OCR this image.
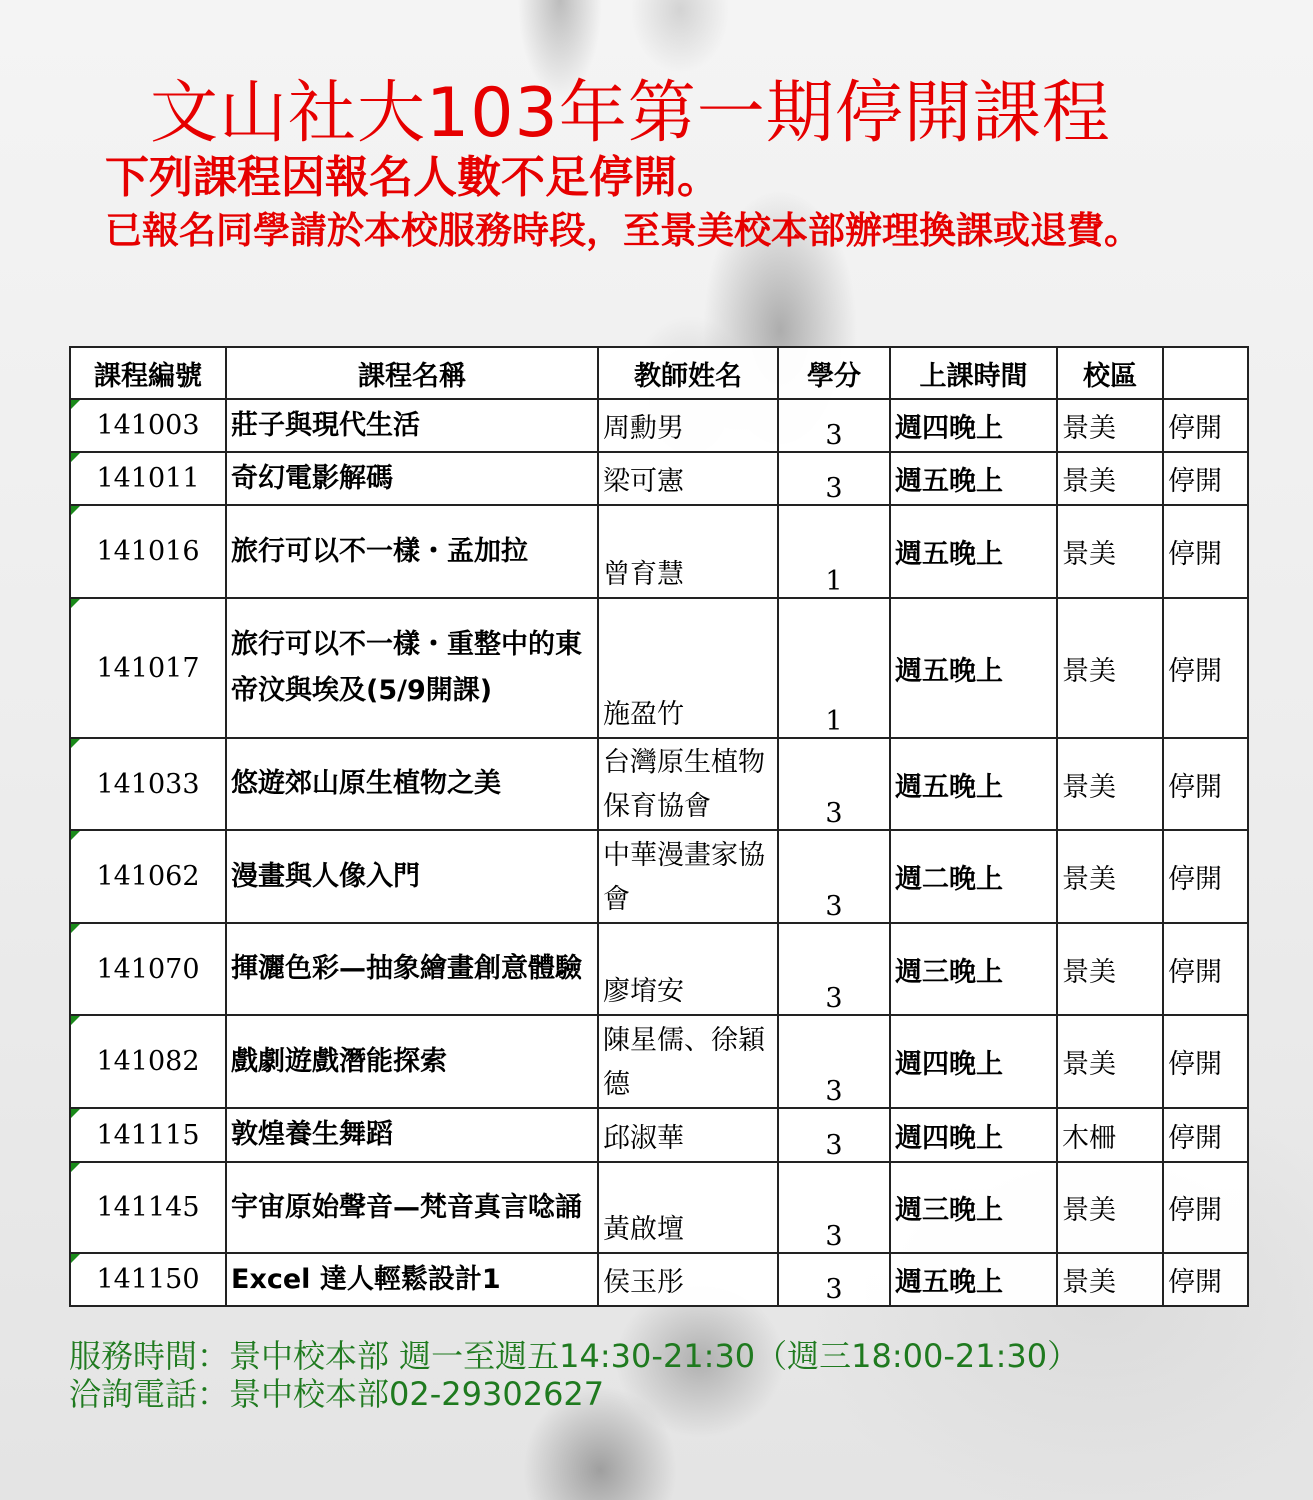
文山社大103年第一期停開課程
下列課程因報名人數不足停開。
已報名同學請於本校服務時段，至景美校本部辦理換課或退費。
課程編號	課程名稱	教師姓名	學分	上課時間	校區	
141003	莊子與現代生活	周勳男	3	週四晚上	景美	停開
141011	奇幻電影解碼	梁可憲	3	週五晚上	景美	停開
141016	旅行可以不一樣・孟加拉	曾育慧	1	週五晚上	景美	停開
141017	旅行可以不一樣・重整中的東帝汶與埃及(5/9開課)	施盈竹	1	週五晚上	景美	停開
141033	悠遊郊山原生植物之美	台灣原生植物保育協會	3	週五晚上	景美	停開
141062	漫畫與人像入門	中華漫畫家協會	3	週二晚上	景美	停開
141070	揮灑色彩—抽象繪畫創意體驗	廖堉安	3	週三晚上	景美	停開
141082	戲劇遊戲潛能探索	陳星儒、徐穎德	3	週四晚上	景美	停開
141115	敦煌養生舞蹈	邱淑華	3	週四晚上	木柵	停開
141145	宇宙原始聲音—梵音真言唸誦	黃啟壇	3	週三晚上	景美	停開
141150	Excel 達人輕鬆設計1	侯玉彤	3	週五晚上	景美	停開
服務時間：景中校本部 週一至週五14:30-21:30（週三18:00-21:30）
洽詢電話：景中校本部02-29302627
